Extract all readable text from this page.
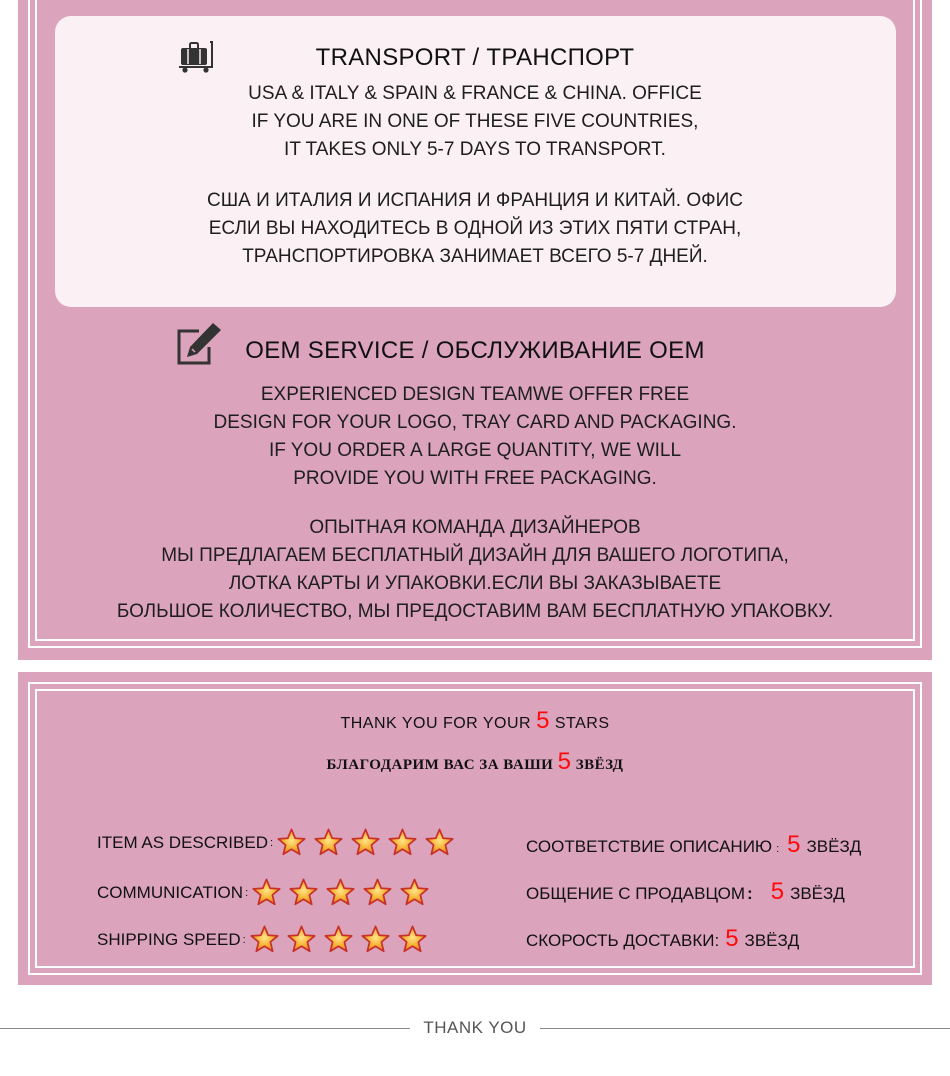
TRANSPORT / ТРАНСПОРТ
USA & ITALY & SPAIN & FRANCE & CHINA. OFFICE
IF YOU ARE IN ONE OF THESE FIVE COUNTRIES,
IT TAKES ONLY 5-7 DAYS TO TRANSPORT.
США И ИТАЛИЯ И ИСПАНИЯ И ФРАНЦИЯ И КИТАЙ. ОФИС
ЕСЛИ ВЫ НАХОДИТЕСЬ В ОДНОЙ ИЗ ЭТИХ ПЯТИ СТРАН,
ТРАНСПОРТИРОВКА ЗАНИМАЕТ ВСЕГО 5-7 ДНЕЙ.
OEM SERVICE / ОБСЛУЖИВАНИЕ OEM
EXPERIENCED DESIGN TEAMWE OFFER FREE
DESIGN FOR YOUR LOGO, TRAY CARD AND PACKAGING.
IF YOU ORDER A LARGE QUANTITY, WE WILL
PROVIDE YOU WITH FREE PACKAGING.
ОПЫТНАЯ КОМАНДА ДИЗАЙНЕРОВ
МЫ ПРЕДЛАГАЕМ БЕСПЛАТНЫЙ ДИЗАЙН ДЛЯ ВАШЕГО ЛОГОТИПА,
ЛОТКА КАРТЫ И УПАКОВКИ.ЕСЛИ ВЫ ЗАКАЗЫВАЕТЕ
БОЛЬШОЕ КОЛИЧЕСТВО, МЫ ПРЕДОСТАВИМ ВАМ БЕСПЛАТНУЮ УПАКОВКУ.
THANK YOU FOR YOUR 5 STARS
БЛАГОДАРИМ ВАС ЗА ВАШИ 5 ЗВЁЗД
ITEM AS DESCRIBED :
COMMUNICATION :
SHIPPING SPEED :
СООТВЕТСТВИЕ ОПИСАНИЮ : 5 ЗВЁЗД
ОБЩЕНИЕ С ПРОДАВЦОМ : 5 ЗВЁЗД
СКОРОСТЬ ДОСТАВКИ : 5 ЗВЁЗД
THANK YOU
